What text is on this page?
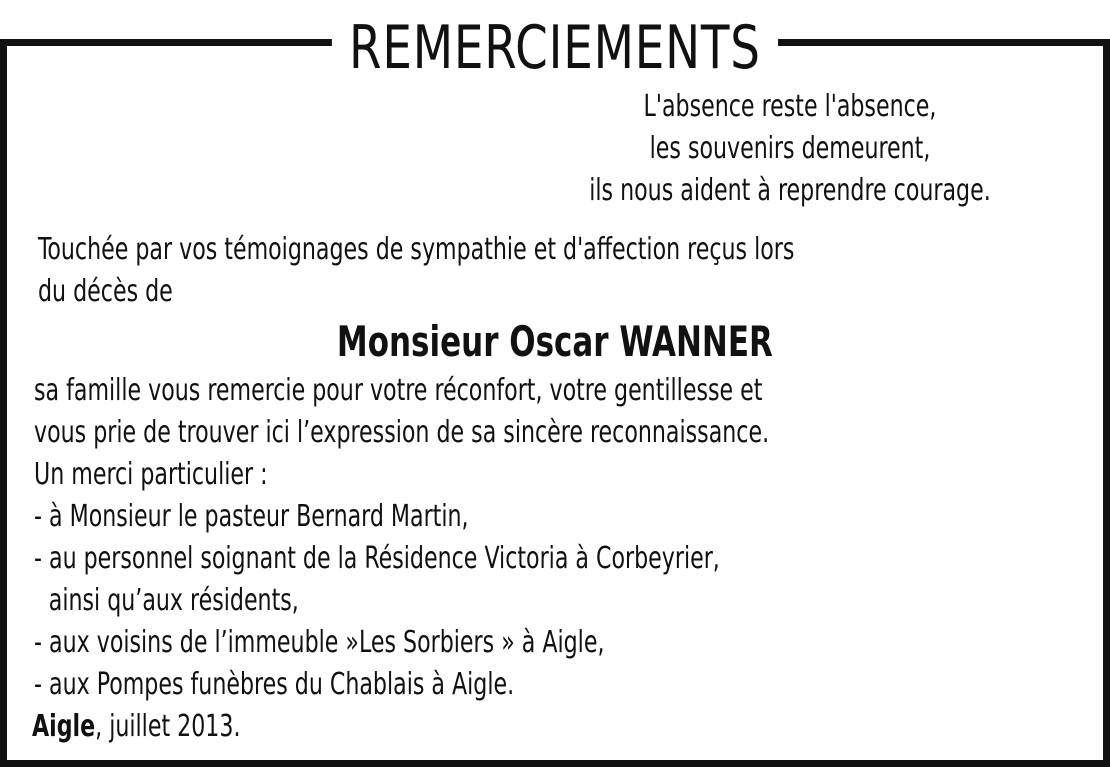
REMERCIEMENTS
L'absence reste l'absence,
les souvenirs demeurent,
ils nous aident à reprendre courage.
Touchée par vos témoignages de sympathie et d'affection reçus lors
du décès de
Monsieur Oscar WANNER
sa famille vous remercie pour votre réconfort, votre gentillesse et
vous prie de trouver ici l’expression de sa sincère reconnaissance.
Un merci particulier :
- à Monsieur le pasteur Bernard Martin,
- au personnel soignant de la Résidence Victoria à Corbeyrier,
ainsi qu’aux résidents,
- aux voisins de l’immeuble »Les Sorbiers » à Aigle,
- aux Pompes funèbres du Chablais à Aigle.
Aigle, juillet 2013.
